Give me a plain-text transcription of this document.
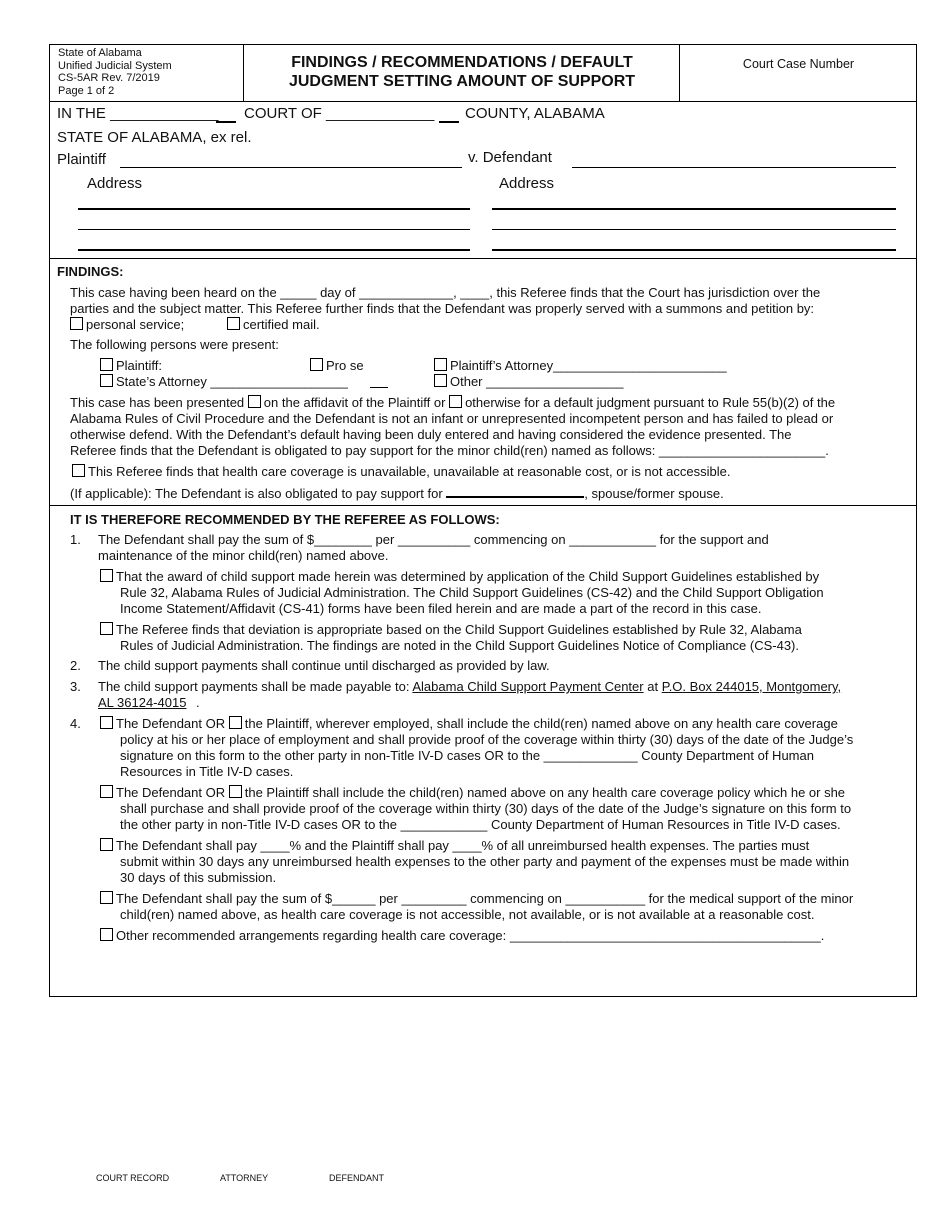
State of Alabama
Unified Judicial System
CS-5AR Rev. 7/2019
Page 1 of 2
FINDINGS / RECOMMENDATIONS / DEFAULT
JUDGMENT SETTING AMOUNT OF SUPPORT
Court Case Number
IN THE _____________ COURT OF _____________ COUNTY, ALABAMA
STATE OF ALABAMA, ex rel.
Plaintiff	v. Defendant
Address	Address
FINDINGS:
This case having been heard on the _____ day of _____________, ____, this Referee finds that the Court has jurisdiction over the
parties and the subject matter. This Referee further finds that the Defendant was properly served with a summons and petition by:
personal service;	certified mail.
The following persons were present:
Plaintiff:	Pro se	Plaintiff’s Attorney________________________
State’s Attorney ___________________	Other ___________________
This case has been presented on the affidavit of the Plaintiff or otherwise for a default judgment pursuant to Rule 55(b)(2) of the
Alabama Rules of Civil Procedure and the Defendant is not an infant or unrepresented incompetent person and has failed to plead or
otherwise defend. With the Defendant’s default having been duly entered and having considered the evidence presented. The
Referee finds that the Defendant is obligated to pay support for the minor child(ren) named as follows: _______________________.
This Referee finds that health care coverage is unavailable, unavailable at reasonable cost, or is not accessible.
(If applicable): The Defendant is also obligated to pay support for	, spouse/former spouse.
IT IS THEREFORE RECOMMENDED BY THE REFEREE AS FOLLOWS:
1. The Defendant shall pay the sum of $________ per __________ commencing on ____________ for the support and
maintenance of the minor child(ren) named above.
That the award of child support made herein was determined by application of the Child Support Guidelines established by
Rule 32, Alabama Rules of Judicial Administration. The Child Support Guidelines (CS-42) and the Child Support Obligation
Income Statement/Affidavit (CS-41) forms have been filed herein and are made a part of the record in this case.
The Referee finds that deviation is appropriate based on the Child Support Guidelines established by Rule 32, Alabama
Rules of Judicial Administration. The findings are noted in the Child Support Guidelines Notice of Compliance (CS-43).
2. The child support payments shall continue until discharged as provided by law.
3. The child support payments shall be made payable to: Alabama Child Support Payment Center at P.O. Box 244015, Montgomery,
AL 36124-4015 .
4.	The Defendant OR the Plaintiff, wherever employed, shall include the child(ren) named above on any health care coverage
policy at his or her place of employment and shall provide proof of the coverage within thirty (30) days of the date of the Judge’s
signature on this form to the other party in non-Title IV-D cases OR to the _____________ County Department of Human
Resources in Title IV-D cases.
The Defendant OR the Plaintiff shall include the child(ren) named above on any health care coverage policy which he or she
shall purchase and shall provide proof of the coverage within thirty (30) days of the date of the Judge’s signature on this form to
the other party in non-Title IV-D cases OR to the ____________ County Department of Human Resources in Title IV-D cases.
The Defendant shall pay ____% and the Plaintiff shall pay ____% of all unreimbursed health expenses. The parties must
submit within 30 days any unreimbursed health expenses to the other party and payment of the expenses must be made within
30 days of this submission.
The Defendant shall pay the sum of $______ per _________ commencing on ___________ for the medical support of the minor
child(ren) named above, as health care coverage is not accessible, not available, or is not available at a reasonable cost.
Other recommended arrangements regarding health care coverage: ___________________________________________.
COURT RECORD	ATTORNEY	DEFENDANT
